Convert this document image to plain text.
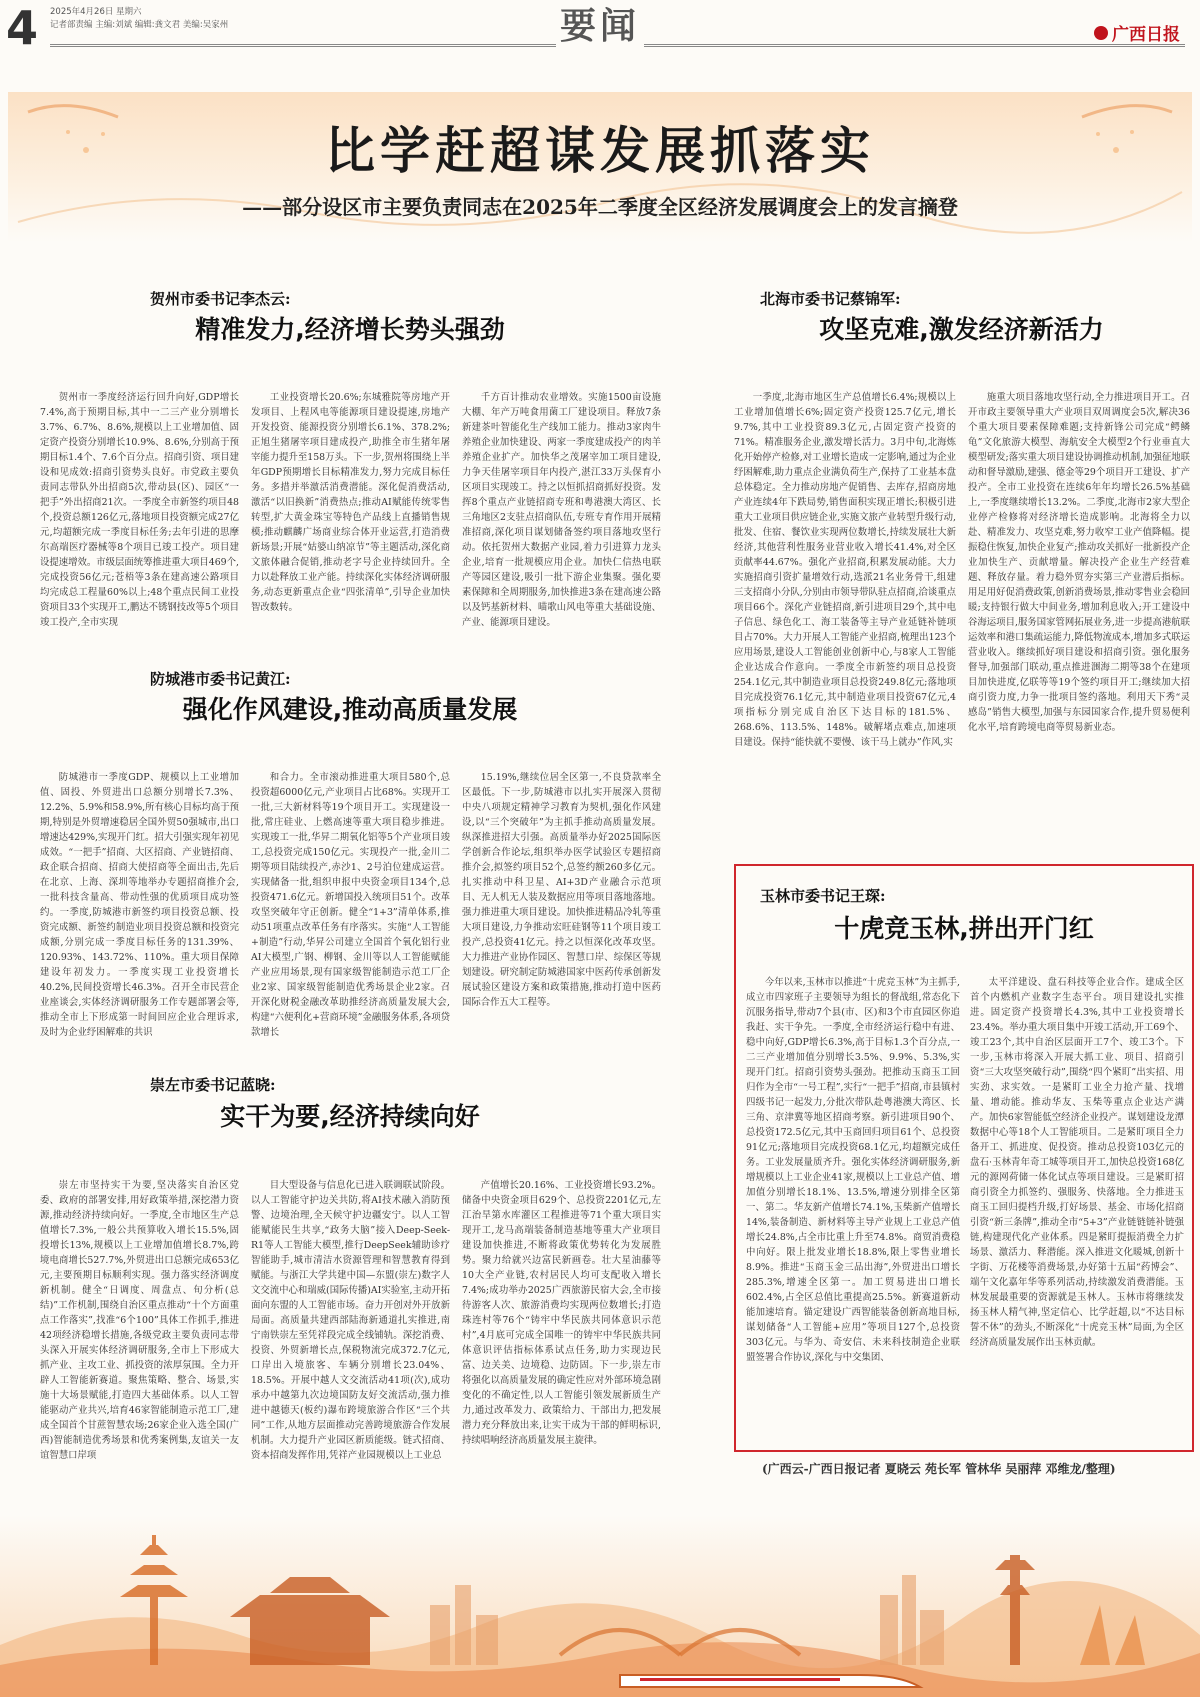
4 2025年4月26日 星期六
记者部责编 主编:刘斌 编辑:龚文君 美编:吴家州	要闻	广西日报
比学赶超谋发展抓落实
——部分设区市主要负责同志在2025年二季度全区经济发展调度会上的发言摘登
贺州市委书记李杰云:
精准发力,经济增长势头强劲

贺州市一季度经济运行回升向好,GDP增长7.4%,高于预期目标,其中一二三产业分别增长3.7%、6.7%、8.6%,规模以上工业增加值、固定资产投资分别增长10.9%、8.6%,分别高于预期目标1.4个、7.6个百分点。招商引资、项目建设和见成效:招商引资势头良好。市党政主要负责同志带队外出招商5次,带动县(区)、园区“一把手”外出招商21次。一季度全市新签约项目48个,投资总额126亿元,落地项目投资额完成27亿元,均超额完成一季度目标任务;去年引进的思摩尔高端医疗器械等8个项目已竣工投产。项目建设提速增效。市级层面统筹推进重大项目469个,完成投资56亿元;苍梧等3条在建高速公路项目均完成总工程量60%以上;48个重点民间工业投资项目33个实现开工,鹏达不锈钢技改等5个项目竣工投产,全市实现

工业投资增长20.6%;东城雅院等房地产开发项目、上程风电等能源项目建设提速,房地产开发投资、能源投资分别增长6.1%、378.2%;正旭生猪屠宰项目建成投产,助推全市生猪年屠宰能力提升至158万头。下一步,贺州将围绕上半年GDP预期增长目标精准发力,努力完成目标任务。多措并举激活消费潜能。深化促消费活动,激活“以旧换新”消费热点;推动AI赋能传统零售转型,扩大黄金珠宝等特色产品线上直播销售规模;推动麒麟广场商业综合体开业运营,打造消费新场景;开展“姑婆山纳凉节”等主题活动,深化商文旅体融合促销,推动老字号企业持续回升。全力以赴释放工业产能。持续深化实体经济调研服务,动态更新重点企业“四张清单”,引导企业加快智改数转。

千方百计推动农业增效。实施1500亩设施大棚、年产万吨食用菌工厂建设项目。释放7条新建茶叶智能化生产线加工能力。推动3家肉牛养殖企业加快建设、两家一季度建成投产的肉羊养殖企业扩产。加快华之茂屠宰加工项目建设,力争天佳屠宰项目年内投产,湛江33万头保育小区项目实现竣工。持之以恒抓招商抓好投资。发挥8个重点产业链招商专班和粤港澳大湾区、长三角地区2支驻点招商队伍,专班专育作用开展精准招商,深化项目谋划储备签约项目落地攻坚行动。依托贺州大数据产业园,着力引进算力龙头企业,培育一批规模应用企业。加快仁信热电联产等园区建设,吸引一批下游企业集聚。强化要素保障和全周期服务,加快推进3条在建高速公路以及钙基新材料、喵歌山风电等重大基础设施、产业、能源项目建设。

北海市委书记蔡锦军:
攻坚克难,激发经济新活力

一季度,北海市地区生产总值增长6.4%;规模以上工业增加值增长6%;固定资产投资125.7亿元,增长9.7%,其中工业投资89.3亿元,占固定资产投资的71%。精准服务企业,激发增长活力。3月中旬,北海炼化开始停产检修,对工业增长造成一定影响,通过为企业纾困解难,助力重点企业满负荷生产,保持了工业基本盘总体稳定。全力推动房地产促销售、去库存,招商房地产业连续4年下跌局势,销售面积实现正增长;积极引进重大工业项目供应链企业,实施文旅产业转型升级行动,批发、住宿、餐饮业实现两位数增长,持续发展壮大新经济,其他营利性服务业营业收入增长41.4%,对全区贡献率44.67%。强化产业招商,积累发展动能。大力实施招商引资扩量增效行动,选派21名业务骨干,组建三支招商小分队,分别由市领导带队驻点招商,洽谈重点项目66个。深化产业链招商,新引进项目29个,其中电子信息、绿色化工、海工装备等主导产业延链补链项目占70%。大力开展人工智能产业招商,梳理出123个应用场景,建设人工智能创业创新中心,与8家人工智能企业达成合作意向。一季度全市新签约项目总投资254.1亿元,其中制造业项目总投资249.8亿元;落地项目完成投资76.1亿元,其中制造业项目投资67亿元,4项指标分别完成自治区下达目标的181.5%、268.6%、113.5%、148%。破解堵点难点,加速项目建设。保持“能快就不要慢、该干马上就办”作风,实

施重大项目落地攻坚行动,全力推进项目开工。召开市政主要领导重大产业项目双周调度会5次,解决36个重大项目要素保障难题;支持新锋公司完成“鳄鳞龟”文化旅游大模型、海航安全大模型2个行业垂直大模型研发;落实重大项目建设协调推动机制,加强征地联动和督导激励,建强、德金等29个项目开工建设、扩产投产。全市工业投资在连续6年年均增长26.5%基础上,一季度继续增长13.2%。二季度,北海市2家大型企业停产检修将对经济增长造成影响。北海将全力以赴、精准发力、攻坚克难,努力收窄工业产值降幅。提振稳住恢复,加快企业复产;推动攻关抓好一批新投产企业加快生产、贡献增量。解决投产企业生产经营难题、释放存量。着力稳外贸夯实第三产业潜后指标。用足用好促消费政策,创新消费场景,推动零售业会稳回暖;支持银行做大中间业务,增加利息收入;开工建设中谷海运项目,服务国家管网拓展业务,进一步提高港航联运效率和港口集疏运能力,降低物流成本,增加多式联运营业收入。继续抓好项目建设和招商引资。强化服务督导,加强部门联动,重点推进涠海二期等38个在建项目加快进度,亿联等等19个签约项目开工;继续加大招商引资力度,力争一批项目签约落地。利用天下秀“灵感岛”销售大模型,加强与东园国家合作,提升贸易便利化水平,培育跨境电商等贸易新业态。

防城港市委书记黄江:
强化作风建设,推动高质量发展

防城港市一季度GDP、规模以上工业增加值、固投、外贸进出口总额分别增长7.3%、12.2%、5.9%和58.9%,所有核心目标均高于预期,特别是外贸增速稳居全国外贸50强城市,出口增速达429%,实现开门红。招大引强实现年初见成效。“一把手”招商、大区招商、产业链招商、政企联合招商、招商大使招商等全面出击,先后在北京、上海、深圳等地举办专题招商推介会,一批科技含量高、带动性强的优质项目成功签约。一季度,防城港市新签约项目投资总额、投资完成额、新签约制造业项目投资总额和投资完成额,分别完成一季度目标任务的131.39%、120.93%、143.72%、110%。重大项目保障建设年初发力。一季度实现工业投资增长40.2%,民间投资增长46.3%。召开全市民营企业座谈会,实体经济调研服务工作专题部署会等,推动全市上下形成第一时间回应企业合理诉求,及时为企业纾困解难的共识

和合力。全市滚动推进重大项目580个,总投资超6000亿元,产业项目占比68%。实现开工一批,三大新材料等19个项目开工。实现建设一批,常庄硅业、上燃高速等重大项目稳步推进。实现竣工一批,华昇二期氧化铝等5个产业项目竣工,总投资完成150亿元。实现投产一批,金川二期等项目陆续投产,赤沙1、2号泊位建成运营。实现储备一批,组织申报中央资金项目134个,总投资471.6亿元。新增国投入统项目51个。改革攻坚突破年守正创新。健全“1+3”清单体系,推动51项重点改革任务有序落实。实施“人工智能+制造”行动,华昇公司建立全国首个氧化铝行业AI大模型,广钢、柳钢、金川等以人工智能赋能产业应用场景,现有国家级智能制造示范工厂企业2家、国家级智能制造优秀场景企业2家。召开深化财税金融改革助推经济高质量发展大会,构建“六便利化+营商环境”金融服务体系,各项贷款增长

15.19%,继续位居全区第一,不良贷款率全区最低。下一步,防城港市以扎实开展深入贯彻中央八项规定精神学习教育为契机,强化作风建设,以“三个突破年”为主抓手推动高质量发展。纵深推进招大引强。高质量举办好2025国际医学创新合作论坛,组织举办医学试验区专题招商推介会,拟签约项目52个,总签约额260多亿元。扎实推动中科卫星、AI+3D产业融合示范项目、无人机无人装及数据应用等项目落地落地。强力推进重大项目建设。加快推进精品冷轧等重大项目建设,力争推动宏旺硅钢等11个项目竣工投产,总投资41亿元。持之以恒深化改革攻坚。大力推进产业协作园区、智慧口岸、综保区等规划建设。研究制定防城港国家中医药传承创新发展试验区建设方案和政策措施,推动打造中医药国际合作五大工程等。

崇左市委书记蓝晓:
实干为要,经济持续向好

崇左市坚持实干为要,坚决落实自治区党委、政府的部署安排,用好政策举措,深挖潜力资源,推动经济持续向好。一季度,全市地区生产总值增长7.3%,一般公共预算收入增长15.5%,固投增长13%,规模以上工业增加值增长8.7%,跨境电商增长527.7%,外贸进出口总额完成653亿元,主要预期目标顺利实现。强力落实经济调度新机制。健全“日调度、周盘点、旬分析(总结)”工作机制,围绕自治区重点推动“十个方面重点工作落实”,找准“6个100”具体工作抓手,推进42项经济稳增长措施,各级党政主要负责同志带头深入开展实体经济调研服务,全市上下形成大抓产业、主攻工业、抓投资的浓厚氛围。全力开辟人工智能新赛道。聚焦策略、整合、场景,实施十大场景赋能,打造四大基础体系。以人工智能驱动产业共兴,培育46家智能制造示范工厂,建成全国首个甘蔗智慧农场;26家企业入选全国(广西)智能制造优秀场景和优秀案例集,友谊关一友谊智慧口岸项

目大型设备与信息化已进入联调联试阶段。以人工智能守护边关共防,将AI技术融入消防预警、边境治理,全天候守护边疆安宁。以人工智能赋能民生共享,“政务大脑”接入Deep-Seek-R1等人工智能大模型,推行DeepSeek辅助诊疗智能助手,城市清洁水资源管理和智慧教育得到赋能。与浙江大学共建中国—东盟(崇左)数字人文交流中心和瑞威(国际传播)AI实验室,主动开拓面向东盟的人工智能市场。奋力开创对外开放新局面。高质量共建西部陆海新通道扎实推进,南宁南铁崇左至凭祥段完成全线铺轨。深挖消费、投资、外贸新增长点,保税物流完成372.7亿元,口岸出入境旅客、车辆分别增长23.04%、18.5%。开展中越人文交流活动41项(次),成功承办中越第九次边境国防友好交流活动,强力推进中越德天(板约)瀑布跨境旅游合作区“三个共同”工作,从地方层面推动完善跨境旅游合作发展机制。大力提升产业园区新质能级。链式招商、资本招商发挥作用,凭祥产业园规模以上工业总

产值增长20.16%、工业投资增长93.2%。储备中央资金项目629个、总投资2201亿元,左江治旱第水库灌区工程推进等71个重大项目实现开工,龙马高端装备制造基地等重大产业项目建设加快推进,不断将政策优势转化为发展胜势。聚力给就兴边富民新画卷。壮大星油藤等10大全产业链,农村居民人均可支配收入增长7.4%;成功举办2025广西旅游民宿大会,全市接待游客人次、旅游消费均实现两位数增长;打造珠连村等76个“铸牢中华民族共同体意识示范村”,4月底可完成全国唯一的铸牢中华民族共同体意识评估指标体系试点任务,助力实现边民富、边关美、边境稳、边防固。下一步,崇左市将强化以高质量发展的确定性应对外部环境急剧变化的不确定性,以人工智能引领发展新质生产力,通过改革发力、政策给力、干部出力,把发展潜力充分释放出来,让实干成为干部的鲜明标识,持续唱响经济高质量发展主旋律。

玉林市委书记王琛:
十虎竞玉林,拼出开门红

今年以来,玉林市以推进“十虎竞玉林”为主抓手,成立市四家班子主要领导为组长的督战组,常态化下沉服务指导,带动7个县(市、区)和3个市直园区你追我赶、实干争先。一季度,全市经济运行稳中有进、稳中向好,GDP增长6.3%,高于目标1.3个百分点,一二三产业增加值分别增长3.5%、9.9%、5.3%,实现开门红。招商引资势头强劲。把推动玉商玉工回归作为全市“一号工程”,实行“一把手”招商,市县镇村四级书记一起发力,分批次带队赴粤港澳大湾区、长三角、京津冀等地区招商考察。新引进项目90个、总投资172.5亿元,其中玉商回归项目61个、总投资91亿元;落地项目完成投资68.1亿元,均超额完成任务。工业发展量质齐升。强化实体经济调研服务,新增规模以上工业企业41家,规模以上工业总产值、增加值分别增长18.1%、13.5%,增速分别排全区第一、第二。华友新产值增长74.1%,玉柴新产值增长14%,装备制造、新材料等主导产业规上工业总产值增长24.8%,占全市比重上升至74.8%。商贸消费稳中向好。限上批发业增长18.8%,限上零售业增长8.9%。推进“玉商玉金三品出海”,外贸进出口增长285.3%,增速全区第一。加工贸易进出口增长602.4%,占全区总值比重提高25.5%。新赛道新动能加速培育。锚定建设广西智能装备创新高地目标,谋划储备“人工智能+应用”等项目127个,总投资303亿元。与华为、奇安信、未来科技制造企业联盟签署合作协议,深化与中交集团、

太平洋建设、盘石科技等企业合作。建成全区首个内燃机产业数字生态平台。项目建设扎实推进。固定资产投资增长4.3%,其中工业投资增长23.4%。举办重大项目集中开竣工活动,开工69个、竣工23个,其中自治区层面开工7个、竣工3个。下一步,玉林市将深入开展大抓工业、项目、招商引资“三大攻坚突破行动”,围绕“四个紧盯”出实招、用实劲、求实效。一是紧盯工业全力抢产量、找增量、增动能。推动华友、玉柴等重点企业达产满产。加快6家智能低空经济企业投产。谋划建设龙潭数据中心等18个人工智能项目。二是紧盯项目全力备开工、抓进度、促投资。推动总投资103亿元的盘石·玉林青年奇工城等项目开工,加快总投资168亿元的源网荷储一体化试点等项目建设。三是紧盯招商引资全力抓签约、强服务、快落地。全力推进玉商玉工回归提档升级,打好场景、基金、市场化招商引资“新三条牌”,推动全市“5+3”产业链链链补链强链,构建现代化产业体系。四是紧盯提振消费全力扩场景、激活力、释潜能。深入推进文化暖城,创新十字街、万花楼等消费场景,办好第十五届“药博会”、端午文化嘉年华等系列活动,持续激发消费潜能。玉林发展最重要的资源就是玉林人。玉林市将继续发扬玉林人精气神,坚定信心、比学赶超,以“不达目标誓不休”的劲头,不断深化“十虎竞玉林”局面,为全区经济高质量发展作出玉林贡献。

(广西云-广西日报记者 夏晓云 苑长军 管林华 吴丽萍 邓维龙/整理)
